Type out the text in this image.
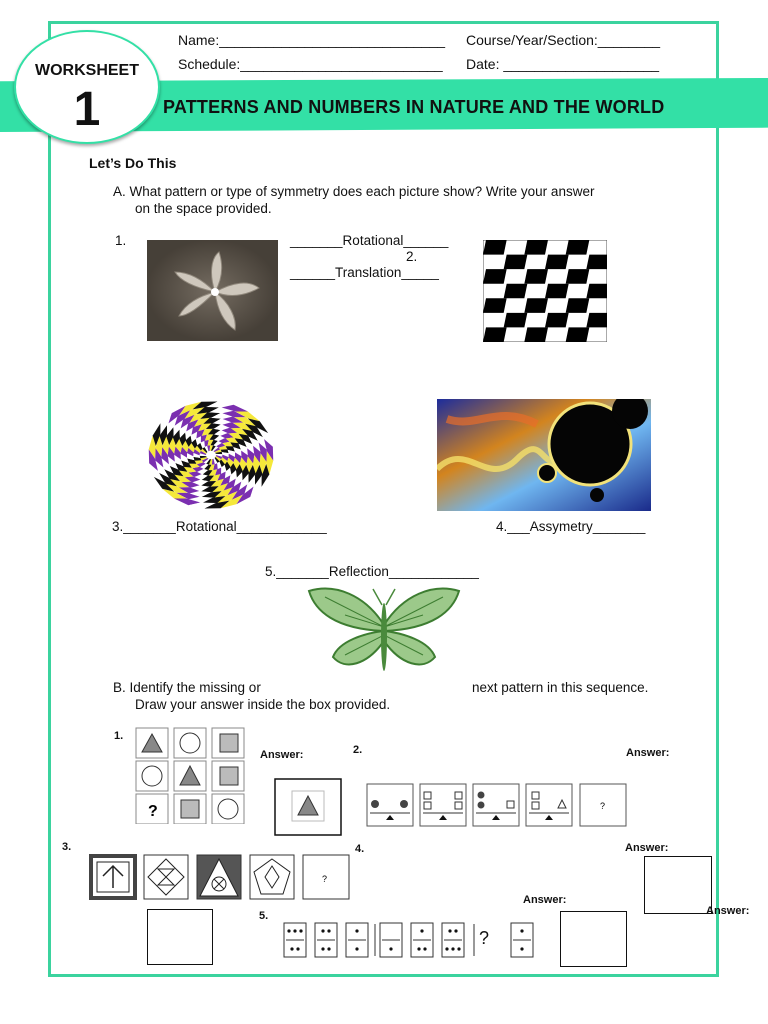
Name:_____________________________ Course/Year/Section:________
Schedule:__________________________ Date: ____________________
PATTERNS AND NUMBERS IN NATURE AND THE WORLD
WORKSHEET
1
Let’s Do This
A. What pattern or type of symmetry does each picture show? Write your answer
on the space provided.
1.	_______Rotational______
2.
______Translation_____
3._______Rotational____________	4.___Assymetry_______
5._______Reflection____________
B. Identify the missing or	next pattern in this sequence.
Draw your answer inside the box provided.
1.
?
Answer:	2.	Answer:
?
3.
?
4.	Answer:
Answer:
5.
Answer:
?
